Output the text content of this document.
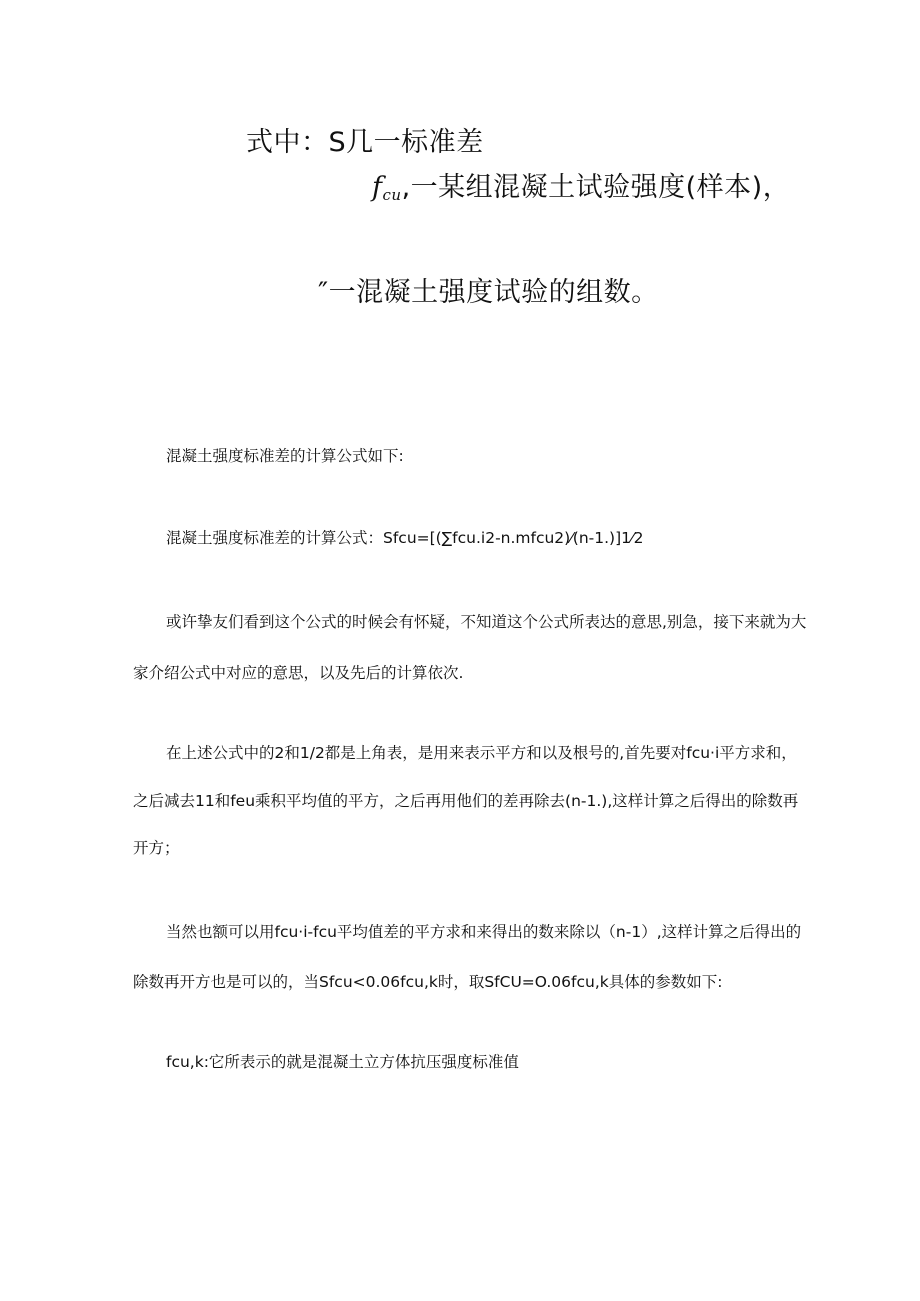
式中：S几一标准差
fcu,一某组混凝土试验强度(样本)，
″一混凝土强度试验的组数。
混凝土强度标准差的计算公式如下:
混凝土强度标准差的计算公式：Sfcu=[(∑fcu.i2-n.mfcu2)⁄(n-1.)]1⁄2
或许挚友们看到这个公式的时候会有怀疑，不知道这个公式所表达的意思,别急，接下来就为大
家介绍公式中对应的意思，以及先后的计算依次.
在上述公式中的2和1/2都是上角表，是用来表示平方和以及根号的,首先要对fcu·i平方求和，
之后减去11和feu乘积平均值的平方，之后再用他们的差再除去(n-1.),这样计算之后得出的除数再
开方；
当然也额可以用fcu·i-fcu平均值差的平方求和来得出的数来除以（n-1）,这样计算之后得出的
除数再开方也是可以的，当Sfcu<0.06fcu,k时，取SfCU=O.06fcu,k具体的参数如下:
fcu,k:它所表示的就是混凝土立方体抗压强度标准值
